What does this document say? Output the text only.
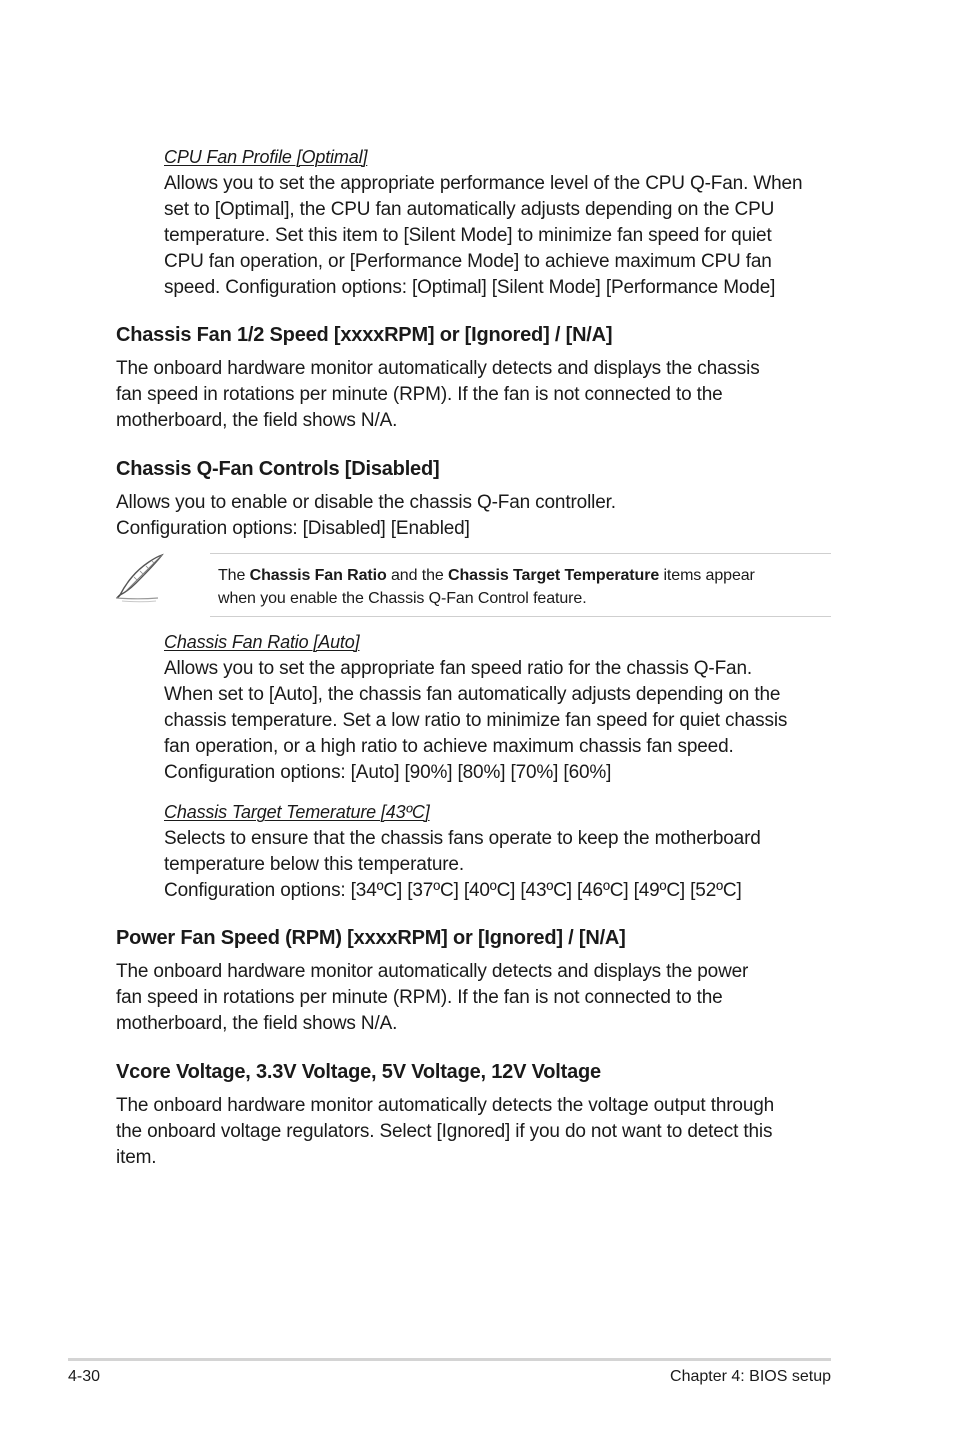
CPU Fan Profile [Optimal]
Allows you to set the appropriate performance level of the CPU Q-Fan. When
set to [Optimal], the CPU fan automatically adjusts depending on the CPU
temperature. Set this item to [Silent Mode] to minimize fan speed for quiet
CPU fan operation, or [Performance Mode] to achieve maximum CPU fan
speed. Configuration options: [Optimal] [Silent Mode] [Performance Mode]
Chassis Fan 1/2 Speed [xxxxRPM] or [Ignored] / [N/A]
The onboard hardware monitor automatically detects and displays the chassis
fan speed in rotations per minute (RPM). If the fan is not connected to the
motherboard, the field shows N/A.
Chassis Q-Fan Controls [Disabled]
Allows you to enable or disable the chassis Q-Fan controller.
Configuration options: [Disabled] [Enabled]
The Chassis Fan Ratio and the Chassis Target Temperature items appear
when you enable the Chassis Q-Fan Control feature.
Chassis Fan Ratio [Auto]
Allows you to set the appropriate fan speed ratio for the chassis Q-Fan.
When set to [Auto], the chassis fan automatically adjusts depending on the
chassis temperature. Set a low ratio to minimize fan speed for quiet chassis
fan operation, or a high ratio to achieve maximum chassis fan speed.
Configuration options: [Auto] [90%] [80%] [70%] [60%]
Chassis Target Temerature [43ºC]
Selects to ensure that the chassis fans operate to keep the motherboard
temperature below this temperature.
Configuration options: [34ºC] [37ºC] [40ºC] [43ºC] [46ºC] [49ºC] [52ºC]
Power Fan Speed (RPM) [xxxxRPM] or [Ignored] / [N/A]
The onboard hardware monitor automatically detects and displays the power
fan speed in rotations per minute (RPM). If the fan is not connected to the
motherboard, the field shows N/A.
Vcore Voltage, 3.3V Voltage, 5V Voltage, 12V Voltage
The onboard hardware monitor automatically detects the voltage output through
the onboard voltage regulators. Select [Ignored] if you do not want to detect this
item.
4-30	Chapter 4: BIOS setup
